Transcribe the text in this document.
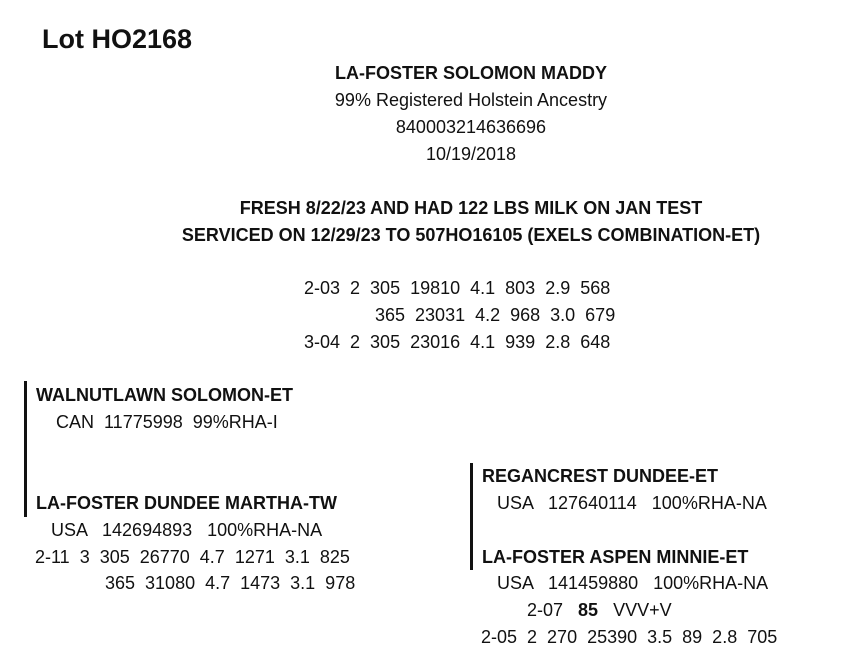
Lot HO2168
LA-FOSTER SOLOMON MADDY
99% Registered Holstein Ancestry
840003214636696
10/19/2018
FRESH 8/22/23 AND HAD 122 LBS MILK ON JAN TEST
SERVICED ON 12/29/23 TO 507HO16105 (EXELS COMBINATION-ET)
2-03  2  305  19810  4.1  803  2.9  568
365  23031  4.2  968  3.0  679
3-04  2  305  23016  4.1  939  2.8  648
WALNUTLAWN SOLOMON-ET
CAN  11775998  99%RHA-I
LA-FOSTER DUNDEE MARTHA-TW
USA   142694893   100%RHA-NA
2-11  3  305  26770  4.7  1271  3.1  825
365  31080  4.7  1473  3.1  978
REGANCREST DUNDEE-ET
USA   127640114   100%RHA-NA
LA-FOSTER ASPEN MINNIE-ET
USA   141459880   100%RHA-NA
2-07 85 VVV+V
2-05  2  270  25390  3.5  89  2.8  705
